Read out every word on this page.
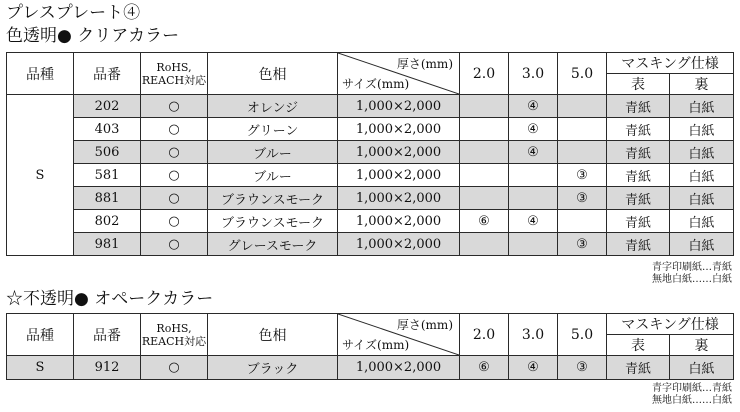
プレスプレート④
色透明● クリアカラー
品種	品番	RoHS,
REACH対応	色相	厚さ(mm)
サイズ(mm)	2.0	3.0	5.0	マスキング仕様	
								表	裏
S	202	○	オレンジ	1,000×2,000		④		青紙	白紙
	403	○	グリーン	1,000×2,000		④		青紙	白紙
	506	○	ブルー	1,000×2,000		④		青紙	白紙
	581	○	ブルー	1,000×2,000			③	青紙	白紙
	881	○	ブラウンスモーク	1,000×2,000			③	青紙	白紙
	802	○	ブラウンスモーク	1,000×2,000	⑥	④		青紙	白紙
	981	○	グレースモーク	1,000×2,000			③	青紙	白紙
青字印刷紙…青紙
無地白紙……白紙
☆不透明● オペークカラー
品種	品番	RoHS,
REACH対応	色相	厚さ(mm)
サイズ(mm)	2.0	3.0	5.0	マスキング仕様	
								表	裏
S	912	○	ブラック	1,000×2,000	⑥	④	③	青紙	白紙
青字印刷紙…青紙
無地白紙……白紙
